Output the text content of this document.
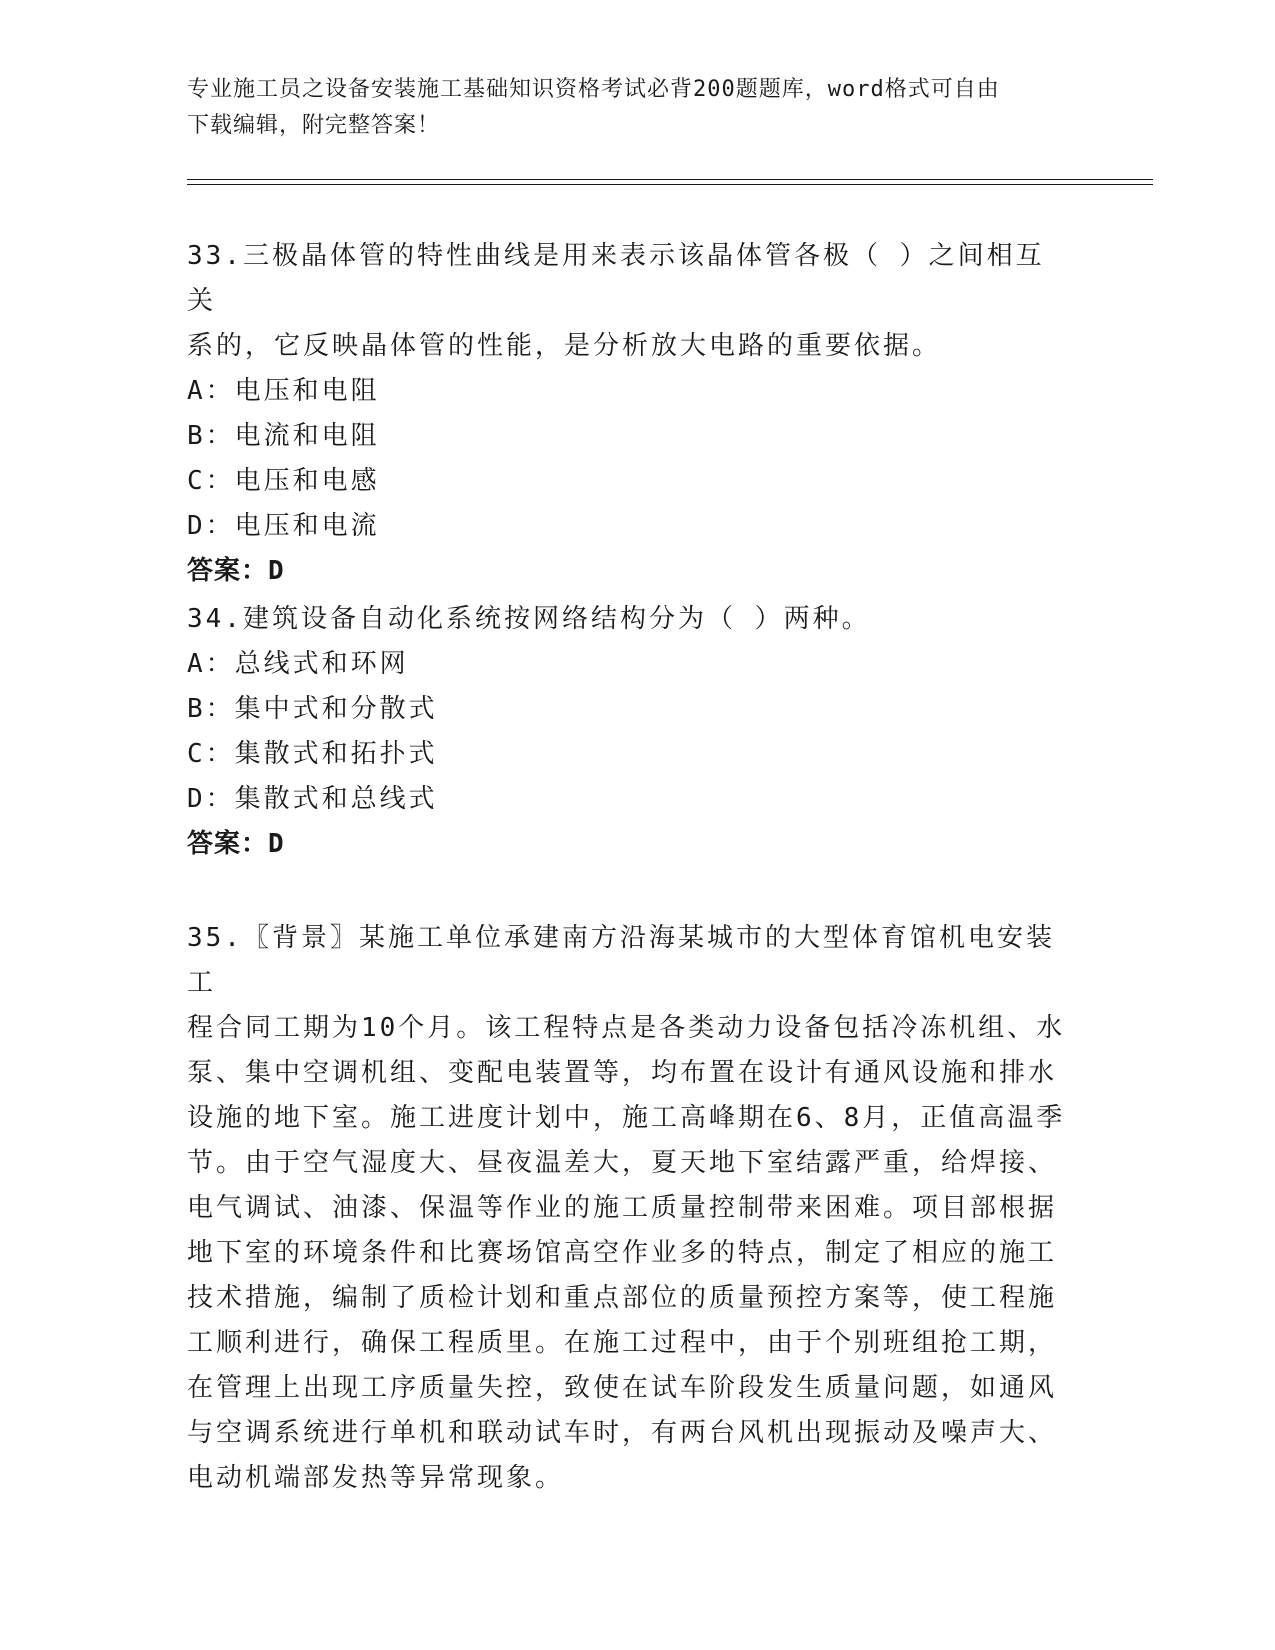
专业施工员之设备安装施工基础知识资格考试必背200题题库，word格式可自由
下载编辑，附完整答案！

33.三极晶体管的特性曲线是用来表示该晶体管各极（ ）之间相互关

系的，它反映晶体管的性能，是分析放大电路的重要依据。

A：电压和电阻

B：电流和电阻

C：电压和电感

D：电压和电流

答案：D

34.建筑设备自动化系统按网络结构分为（ ）两种。

A：总线式和环网

B：集中式和分散式

C：集散式和拓扑式

D：集散式和总线式

答案：D

35.〖背景〗某施工单位承建南方沿海某城市的大型体育馆机电安装工

程合同工期为10个月。该工程特点是各类动力设备包括冷冻机组、水

泵、集中空调机组、变配电装置等，均布置在设计有通风设施和排水

设施的地下室。施工进度计划中，施工高峰期在6、8月，正值高温季

节。由于空气湿度大、昼夜温差大，夏天地下室结露严重，给焊接、

电气调试、油漆、保温等作业的施工质量控制带来困难。项目部根据

地下室的环境条件和比赛场馆高空作业多的特点，制定了相应的施工

技术措施，编制了质检计划和重点部位的质量预控方案等，使工程施

工顺利进行，确保工程质里。在施工过程中，由于个别班组抢工期，

在管理上出现工序质量失控，致使在试车阶段发生质量问题，如通风

与空调系统进行单机和联动试车时，有两台风机出现振动及噪声大、

电动机端部发热等异常现象。
